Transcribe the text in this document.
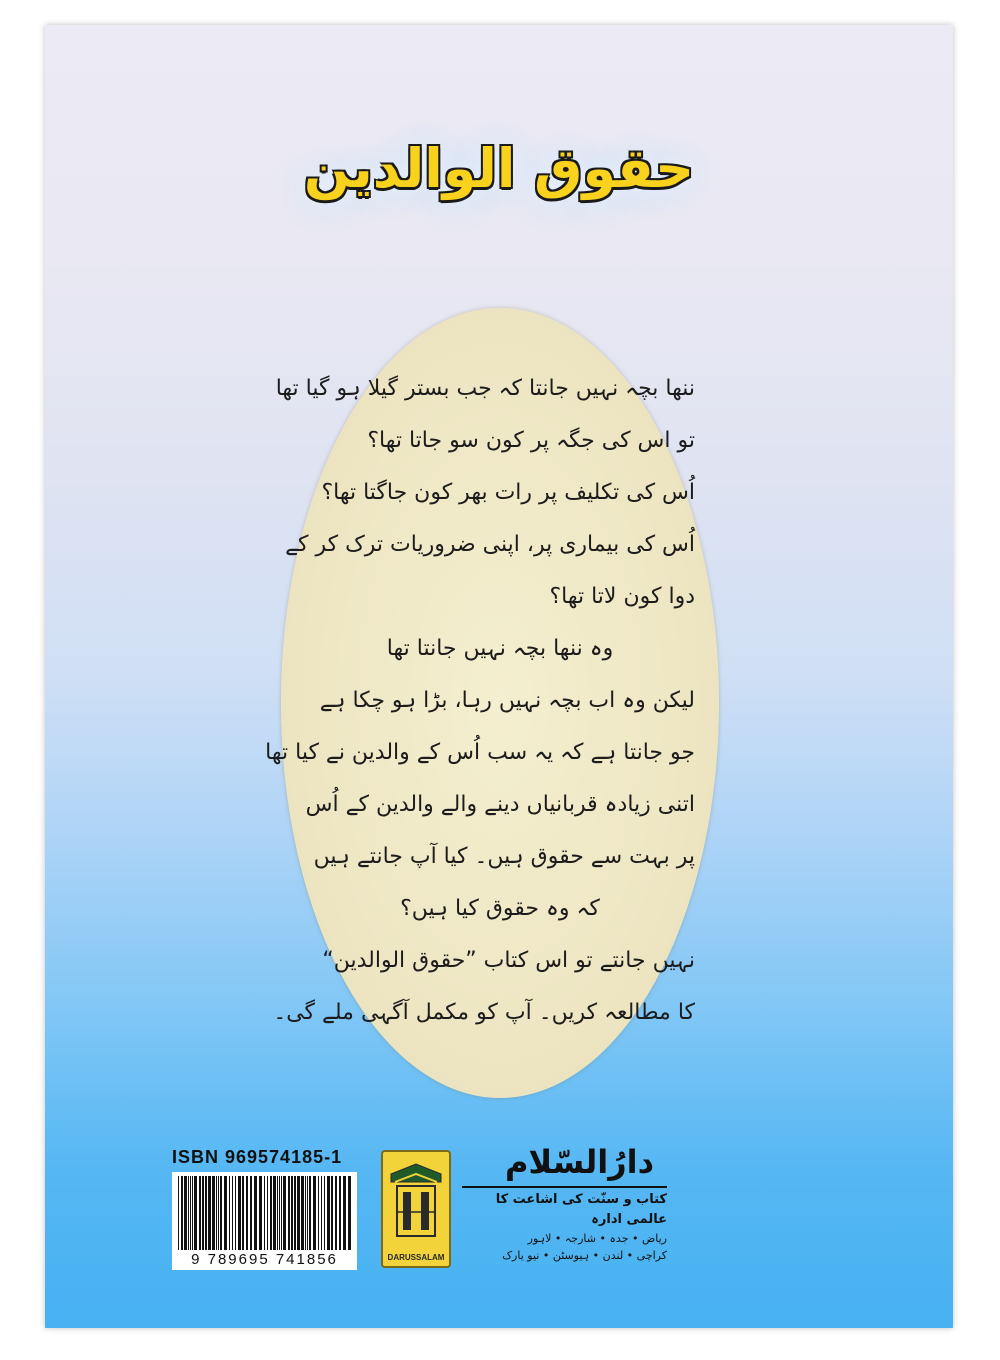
حقوق الوالدین
ننھا بچہ نہیں جانتا کہ جب بستر گیلا ہو گیا تھا
تو اس کی جگہ پر کون سو جاتا تھا؟
اُس کی تکلیف پر رات بھر کون جاگتا تھا؟
اُس کی بیماری پر، اپنی ضروریات ترک کر کے
دوا کون لاتا تھا؟
وہ ننھا بچہ نہیں جانتا تھا
لیکن وہ اب بچہ نہیں رہا، بڑا ہو چکا ہے
جو جانتا ہے کہ یہ سب اُس کے والدین نے کیا تھا
اتنی زیادہ قربانیاں دینے والے والدین کے اُس
پر بہت سے حقوق ہیں۔ کیا آپ جانتے ہیں
کہ وہ حقوق کیا ہیں؟
نہیں جانتے تو اس کتاب ”حقوق الوالدین“
کا مطالعہ کریں۔ آپ کو مکمل آگہی ملے گی۔
ISBN 969574185-1
9 789695 741856	DARUSSALAM
دارُالسّلام
کتاب و سنّت کی اشاعت کا عالمی ادارہ
ریاض • جدہ • شارجہ • لاہور
کراچی • لندن • ہیوسٹن • نیو یارک
